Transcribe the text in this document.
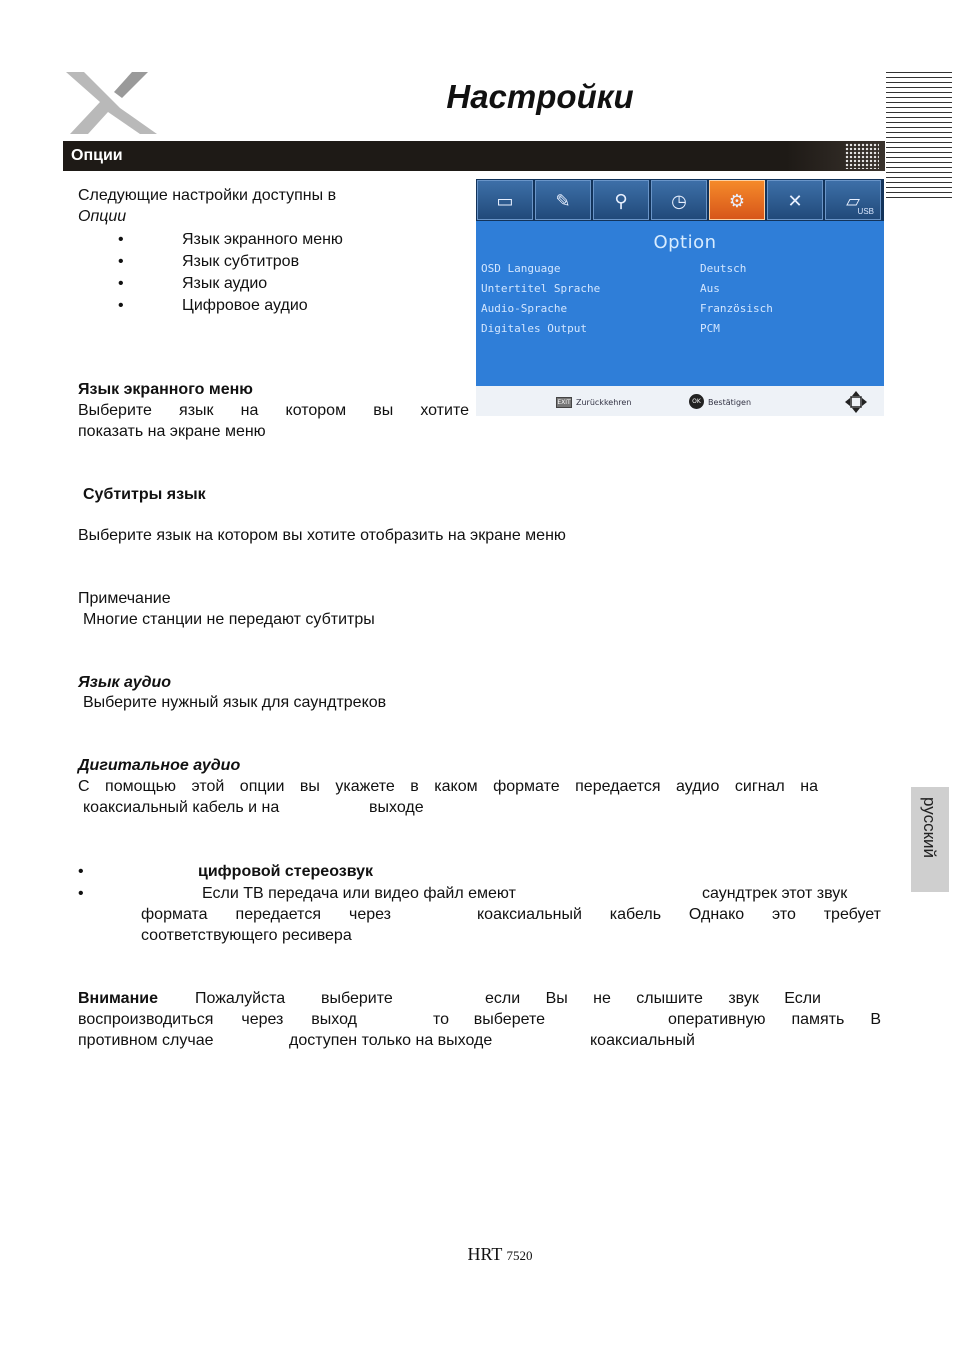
Настройки
Опции
Следующие настройки доступны в
Опции
•	Язык экранного меню
•	Язык субтитров
•	Язык аудио
•	Цифровое аудио
▭	✎	⚲	◷	⚙	✕	▱
USB
Option
OSD Language	Deutsch
Untertitel Sprache	Aus
Audio-Sprache	Französisch
Digitales Output	PCM
EXIT Zurückkehren	OK Bestätigen
Язык экранного меню
Выберите язык на котором вы хотите
показать на экране меню
Субтитры язык
Выберите язык на котором вы хотите отобразить на экране меню
Примечание
Многие станции не передают субтитры
Язык аудио
Выберите нужный язык для саундтреков
Дигитальное аудио
С помощью этой опции вы укажете в каком формате передается аудио сигнал на
коаксиальный кабель и на	выходе
•	цифровой стереозвук
•	Если ТВ передача или видео файл емеют	саундтрек этот звук
формата передается через	коаксиальный кабель Однако это требует
соответствующего ресивера
Внимание Пожалуйста выберите	если Вы не слышите звук Если
воспроизводиться через выход	то выберете	оперативную память В
противном случае	доступен только на выходе	коаксиальный
русский
HRT 7520
